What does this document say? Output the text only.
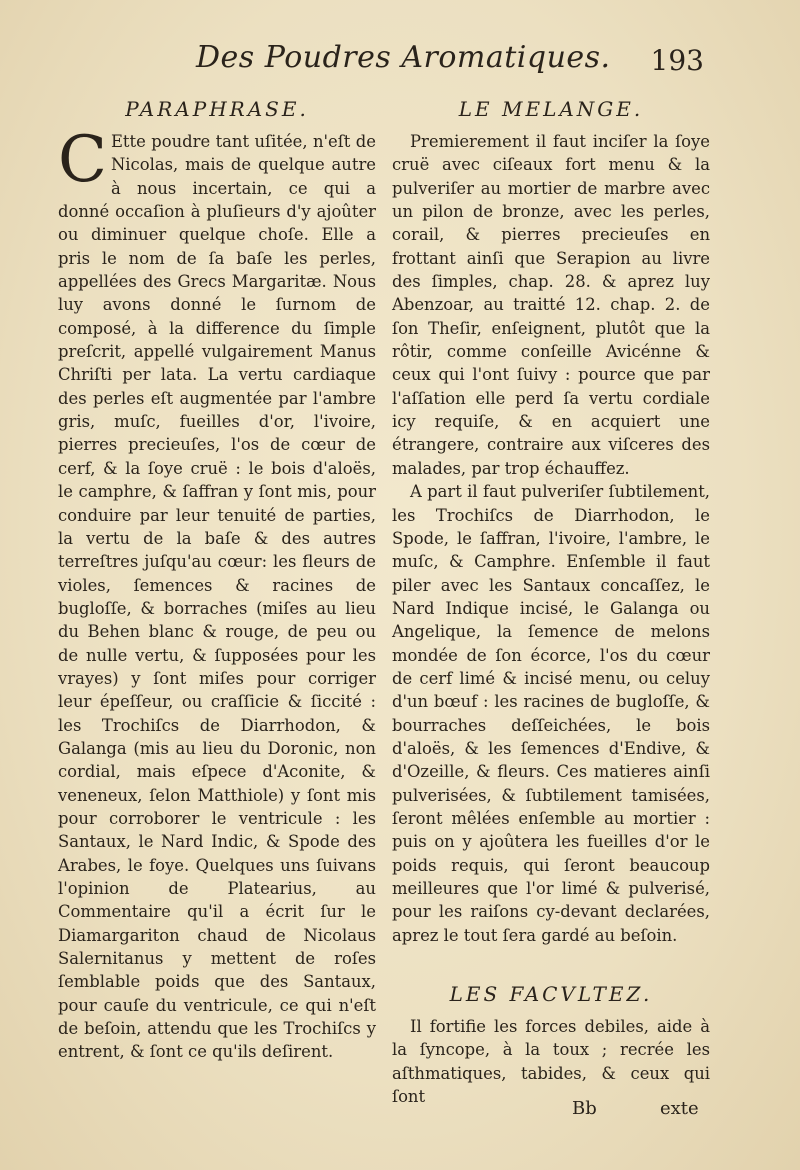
Des Poudres Aromatiques. 193
PARAPHRASE.

C Ette poudre tant uſitée, n'eſt de Nicolas, mais de quelque autre à nous incertain, ce qui a donné occaſion à pluſieurs d'y ajoûter ou diminuer quelque choſe. Elle a pris le nom de ſa baſe les perles, appellées des Grecs Margaritæ. Nous luy avons donné le ſurnom de composé, à la difference du ſimple preſcrit, appellé vulgairement Manus Chriſti per lata. La vertu cardiaque des perles eſt augmentée par l'ambre gris, muſc, fueilles d'or, l'ivoire, pierres precieuſes, l'os de cœur de cerf, & la ſoye cruë : le bois d'aloës, le camphre, & ſaffran y ſont mis, pour conduire par leur tenuité de parties, la vertu de la baſe & des autres terreſtres juſqu'au cœur: les fleurs de violes, ſemences & racines de bugloſſe, & borraches (miſes au lieu du Behen blanc & rouge, de peu ou de nulle vertu, & ſupposées pour les vrayes) y ſont miſes pour corriger leur épeſſeur, ou craſſicie & ſiccité : les Trochiſcs de Diarrhodon, & Galanga (mis au lieu du Doronic, non cordial, mais eſpece d'Aconite, & veneneux, ſelon Matthiole) y ſont mis pour corroborer le ventricule : les Santaux, le Nard Indic, & Spode des Arabes, le foye. Quelques uns ſuivans l'opinion de Platearius, au Commentaire qu'il a écrit ſur le Diamargariton chaud de Nicolaus Salernitanus y mettent de roſes ſemblable poids que des Santaux, pour cauſe du ventricule, ce qui n'eſt de beſoin, attendu que les Trochiſcs y entrent, & ſont ce qu'ils deſirent.

LE MELANGE.

Premierement il faut inciſer la ſoye cruë avec ciſeaux fort menu & la pulveriſer au mortier de marbre avec un pilon de bronze, avec les perles, corail, & pierres precieuſes en frottant ainſi que Serapion au livre des ſimples, chap. 28. & aprez luy Abenzoar, au traitté 12. chap. 2. de ſon Theſir, enſeignent, plutôt que la rôtir, comme conſeille Avicénne & ceux qui l'ont ſuivy : pource que par l'aſſation elle perd ſa vertu cordiale icy requiſe, & en acquiert une étrangere, contraire aux viſceres des malades, par trop échauffez.

A part il faut pulveriſer ſubtilement, les Trochiſcs de Diarrhodon, le Spode, le ſaffran, l'ivoire, l'ambre, le muſc, & Camphre. Enſemble il faut piler avec les Santaux concaſſez, le Nard Indique incisé, le Galanga ou Angelique, la ſemence de melons mondée de ſon écorce, l'os du cœur de cerf limé & incisé menu, ou celuy d'un bœuf : les racines de bugloſſe, & bourraches deſſeichées, le bois d'aloës, & les ſemences d'Endive, & d'Ozeille, & fleurs. Ces matieres ainſi pulverisées, & ſubtilement tamisées, ſeront mêlées enſemble au mortier : puis on y ajoûtera les fueilles d'or le poids requis, qui ſeront beaucoup meilleures que l'or limé & pulverisé, pour les raiſons cy-devant declarées, aprez le tout ſera gardé au beſoin.

LES FACVLTEZ.

Il fortifie les forces debiles, aide à la ſyncope, à la toux ; recrée les aſthmatiques, tabides, & ceux qui ſont

Bb	exte
